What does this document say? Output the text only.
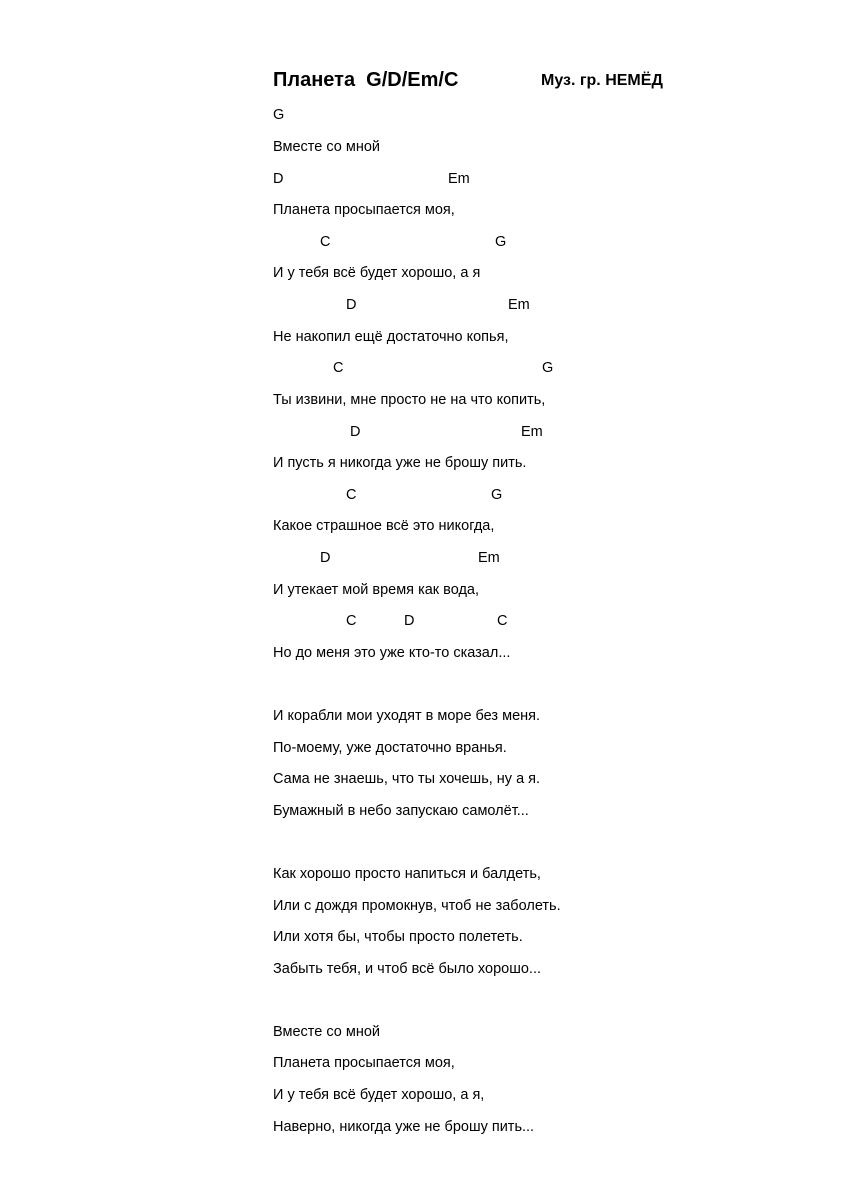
Планета  G/D/Em/C	Муз. гр. НЕМЁД
G
Вместе со мной
D	Em
Планета просыпается моя,
C	G
И у тебя всё будет хорошо, а я
D	Em
Не накопил ещё достаточно копья,
C	G
Ты извини, мне просто не на что копить,
D	Em
И пусть я никогда уже не брошу пить.
C	G
Какое страшное всё это никогда,
D	Em
И утекает мой время как вода,
C	D	C
Но до меня это уже кто-то сказал...
И корабли мои уходят в море без меня.
По-моему, уже достаточно вранья.
Сама не знаешь, что ты хочешь, ну а я.
Бумажный в небо запускаю самолёт...
Как хорошо просто напиться и балдеть,
Или с дождя промокнув, чтоб не заболеть.
Или хотя бы, чтобы просто полететь.
Забыть тебя, и чтоб всё было хорошо...
Вместе со мной
Планета просыпается моя,
И у тебя всё будет хорошо, а я,
Наверно, никогда уже не брошу пить...
